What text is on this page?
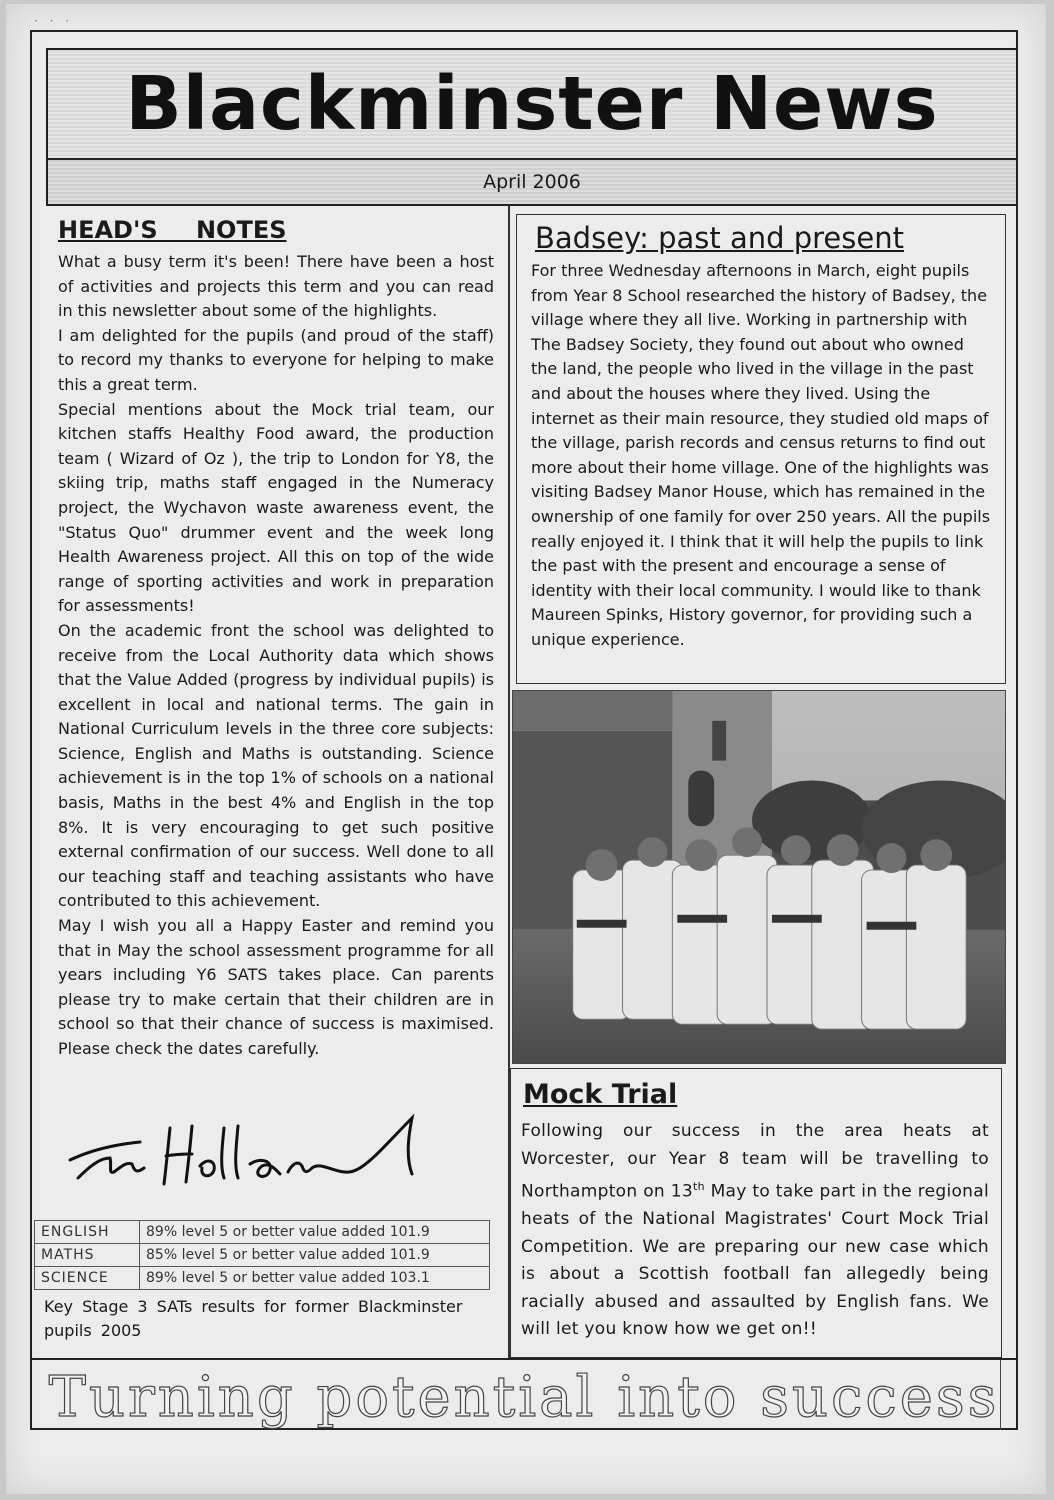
· · ·
Blackminster News
April 2006
HEAD'S NOTES

What a busy term it's been! There have been a host of activities and projects this term and you can read in this newsletter about some of the highlights.

I am delighted for the pupils (and proud of the staff) to record my thanks to everyone for helping to make this a great term.

Special mentions about the Mock trial team, our kitchen staffs Healthy Food award, the production team ( Wizard of Oz ), the trip to London for Y8, the skiing trip, maths staff engaged in the Numeracy project, the Wychavon waste awareness event, the "Status Quo" drummer event and the week long Health Awareness project. All this on top of the wide range of sporting activities and work in preparation for assessments!

On the academic front the school was delighted to receive from the Local Authority data which shows that the Value Added (progress by individual pupils) is excellent in local and national terms. The gain in National Curriculum levels in the three core subjects: Science, English and Maths is outstanding. Science achievement is in the top 1% of schools on a national basis, Maths in the best 4% and English in the top 8%. It is very encouraging to get such positive external confirmation of our success. Well done to all our teaching staff and teaching assistants who have contributed to this achievement.

May I wish you all a Happy Easter and remind you that in May the school assessment programme for all years including Y6 SATS takes place. Can parents please try to make certain that their children are in school so that their chance of success is maximised. Please check the dates carefully.

ENGLISH	89% level 5 or better value added 101.9
MATHS	85% level 5 or better value added 101.9
SCIENCE	89% level 5 or better value added 103.1
Key Stage 3 SATs results for former Blackminster pupils 2005
Badsey: past and present

For three Wednesday afternoons in March, eight pupils from Year 8 School researched the history of Badsey, the village where they all live. Working in partnership with The Badsey Society, they found out about who owned the land, the people who lived in the village in the past and about the houses where they lived. Using the internet as their main resource, they studied old maps of the village, parish records and census returns to find out more about their home village. One of the highlights was visiting Badsey Manor House, which has remained in the ownership of one family for over 250 years. All the pupils really enjoyed it. I think that it will help the pupils to link the past with the present and encourage a sense of identity with their local community. I would like to thank Maureen Spinks, History governor, for providing such a unique experience.

Mock Trial

Following our success in the area heats at Worcester, our Year 8 team will be travelling to Northampton on 13th May to take part in the regional heats of the National Magistrates' Court Mock Trial Competition. We are preparing our new case which is about a Scottish football fan allegedly being racially abused and assaulted by English fans. We will let you know how we get on!!

Turning potential into success
